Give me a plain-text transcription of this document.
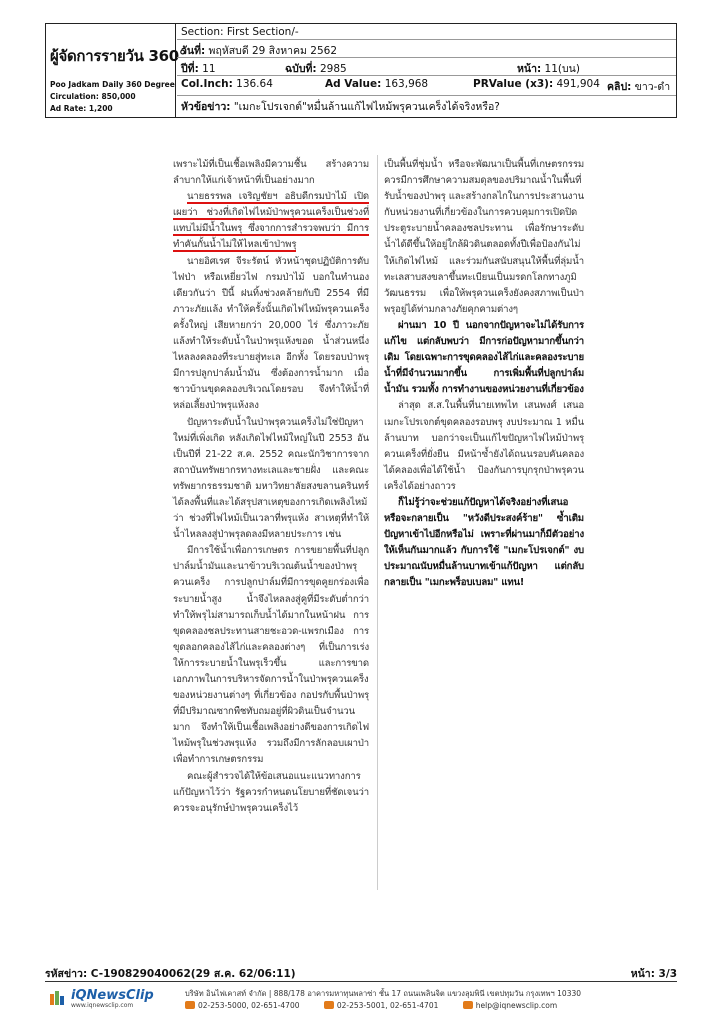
ผู้จัดการรายวัน 360°
Poo Jadkam Daily 360 Degree
Circulation: 850,000
Ad Rate: 1,200
Section: First Section/-
วันที่: พฤหัสบดี 29 สิงหาคม 2562
ปีที่: 11	ฉบับที่: 2985	หน้า: 11(บน)
Col.Inch: 136.64	Ad Value: 163,968	PRValue (x3): 491,904 คลิป: ขาว-ดำ
หัวข้อข่าว: "เมกะโปรเจกต์"หมื่นล้านแก้ไฟไหม้พรุควนเคร็งได้จริงหรือ?

เพราะไม้ที่เป็นเชื้อเพลิงมีความชื้น สร้างความลำบากให้แก่เจ้าหน้าที่เป็นอย่างมาก

นายธรรพล เจริญชัยฯ อธิบดีกรมป่าไม้ เปิดเผยว่า ช่วงที่เกิดไฟไหม้ป่าพรุควนเคร็งเป็นช่วงที่แทบไม่มีน้ำในพรุ ซึ่งจากการสำรวจพบว่า มีการทำคันกั้นน้ำไม่ให้ไหลเข้าป่าพรุ

นายอิศเรศ จีระรัตน์ หัวหน้าชุดปฏิบัติการดับไฟป่า หรือเหยี่ยวไฟ กรมป่าไม้ บอกในทำนองเดียวกันว่า ปีนี้ ฝนทิ้งช่วงคล้ายกับปี 2554 ที่มีภาวะภัยแล้ง ทำให้ครั้งนั้นเกิดไฟไหม้พรุควนเคร็งครั้งใหญ่ เสียหายกว่า 20,000 ไร่ ซึ่งภาวะภัยแล้งทำให้ระดับน้ำในป่าพรุแห้งขอด น้ำส่วนหนึ่งไหลลงคลองที่ระบายสู่ทะเล อีกทั้ง โดยรอบป่าพรุมีการปลูกปาล์มน้ำมัน ซึ่งต้องการน้ำมาก เมื่อชาวบ้านขุดคลองบริเวณโดยรอบ จึงทำให้น้ำที่หล่อเลี้ยงป่าพรุแห้งลง

ปัญหาระดับน้ำในป่าพรุควนเคร็งไม่ใช่ปัญหาใหม่ที่เพิ่งเกิด หลังเกิดไฟไหม้ใหญ่ในปี 2553 อันเป็นปีที่ 21-22 ส.ค. 2552 คณะนักวิชาการจากสถาบันทรัพยากรทางทะเลและชายฝั่ง และคณะทรัพยากรธรรมชาติ มหาวิทยาลัยสงขลานครินทร์ ได้ลงพื้นที่และได้สรุปสาเหตุของการเกิดเพลิงไหม้ว่า ช่วงที่ไฟไหม้เป็นเวลาที่พรุแห้ง สาเหตุที่ทำให้น้ำไหลลงสู่ป่าพรุลดลงมีหลายประการ เช่น

มีการใช้น้ำเพื่อการเกษตร การขยายพื้นที่ปลูกปาล์มน้ำมันและนาข้าวบริเวณต้นน้ำของป่าพรุควนเคร็ง การปลูกปาล์มที่มีการขุดคูยกร่องเพื่อระบายน้ำสูง น้ำจึงไหลลงสู่คูที่มีระดับต่ำกว่าทำให้พรุไม่สามารถเก็บน้ำได้มากในหน้าฝน การขุดคลองชลประทานสายชะอวด-แพรกเมือง การขุดลอกคลองไส้ไก่และคลองต่างๆ ที่เป็นการเร่งให้การระบายน้ำในพรุเร็วขึ้น และการขาดเอกภาพในการบริหารจัดการน้ำในป่าพรุควนเคร็งของหน่วยงานต่างๆ ที่เกี่ยวข้อง กอปรกับพื้นป่าพรุที่มีปริมาณซากพืชทับถมอยู่ที่ผิวดินเป็นจำนวนมาก จึงทำให้เป็นเชื้อเพลิงอย่างดีของการเกิดไฟไหม้พรุในช่วงพรุแห้ง รวมถึงมีการลักลอบเผาป่าเพื่อทำการเกษตรกรรม

คณะผู้สำรวจได้ให้ข้อเสนอแนะแนวทางการแก้ปัญหาไว้ว่า รัฐควรกำหนดนโยบายที่ชัดเจนว่าควรจะอนุรักษ์ป่าพรุควนเคร็งไว้

เป็นพื้นที่ชุ่มน้ำ หรือจะพัฒนาเป็นพื้นที่เกษตรกรรม ควรมีการศึกษาความสมดุลของปริมาณน้ำในพื้นที่รับน้ำของป่าพรุ และสร้างกลไกในการประสานงานกับหน่วยงานที่เกี่ยวข้องในการควบคุมการเปิดปิดประตูระบายน้ำคลองชลประทาน เพื่อรักษาระดับน้ำได้ดีขึ้นให้อยู่ใกล้ผิวดินตลอดทั้งปีเพื่อป้องกันไม่ให้เกิดไฟไหม้ และร่วมกันสนับสนุนให้พื้นที่ลุ่มน้ำทะเลสาบสงขลาขึ้นทะเบียนเป็นมรดกโลกทางภูมิวัฒนธรรม เพื่อให้พรุควนเคร็งยังคงสภาพเป็นป่าพรุอยู่ได้ท่ามกลางภัยคุกคามต่างๆ

ผ่านมา 10 ปี นอกจากปัญหาจะไม่ได้รับการแก้ไข แต่กลับพบว่า มีการก่อปัญหามากขึ้นกว่าเดิม โดยเฉพาะการขุดคลองไส้ไก่และคลองระบายน้ำที่มีจำนวนมากขึ้น การเพิ่มพื้นที่ปลูกปาล์มน้ำมัน รวมทั้ง การทำงานของหน่วยงานที่เกี่ยวข้อง

ล่าสุด ส.ส.ในพื้นที่นายเทพไท เสนพงศ์ เสนอเมกะโปรเจกต์ขุดคลองรอบพรุ งบประมาณ 1 หมื่นล้านบาท บอกว่าจะเป็นแก้ไขปัญหาไฟไหม้ป่าพรุควนเคร็งที่ยั่งยืน มีหน้าซ้ำยังได้ถนนรอบคันคลอง ได้คลองเพื่อได้ใช้น้ำ ป้องกันการบุกรุกป่าพรุควนเคร็งได้อย่างถาวร

ก็ไม่รู้ว่าจะช่วยแก้ปัญหาได้จริงอย่างที่เสนอ หรือจะกลายเป็น "หวังดีประสงค์ร้าย" ซ้ำเติมปัญหาเข้าไปอีกหรือไม่ เพราะที่ผ่านมาก็มีตัวอย่างให้เห็นกันมากแล้ว กับการใช้ "เมกะโปรเจกต์" งบประมาณนับหมื่นล้านบาทเข้าแก้ปัญหา แต่กลับกลายเป็น "เมกะพร็อบเบลม" แทน!

รหัสข่าว: C-190829040062(29 ส.ค. 62/06:11)	หน้า: 3/3
iQNewsClip
www.iqnewsclip.com
บริษัท อินไฟเคาสท์ จำกัด | 888/178 อาคารมหาทุนพลาซ่า ชั้น 17 ถนนเพลินจิต แขวงลุมพินี เขตปทุมวัน กรุงเทพฯ 10330
02-253-5000, 02-651-4700	02-253-5001, 02-651-4701	help@iqnewsclip.com
